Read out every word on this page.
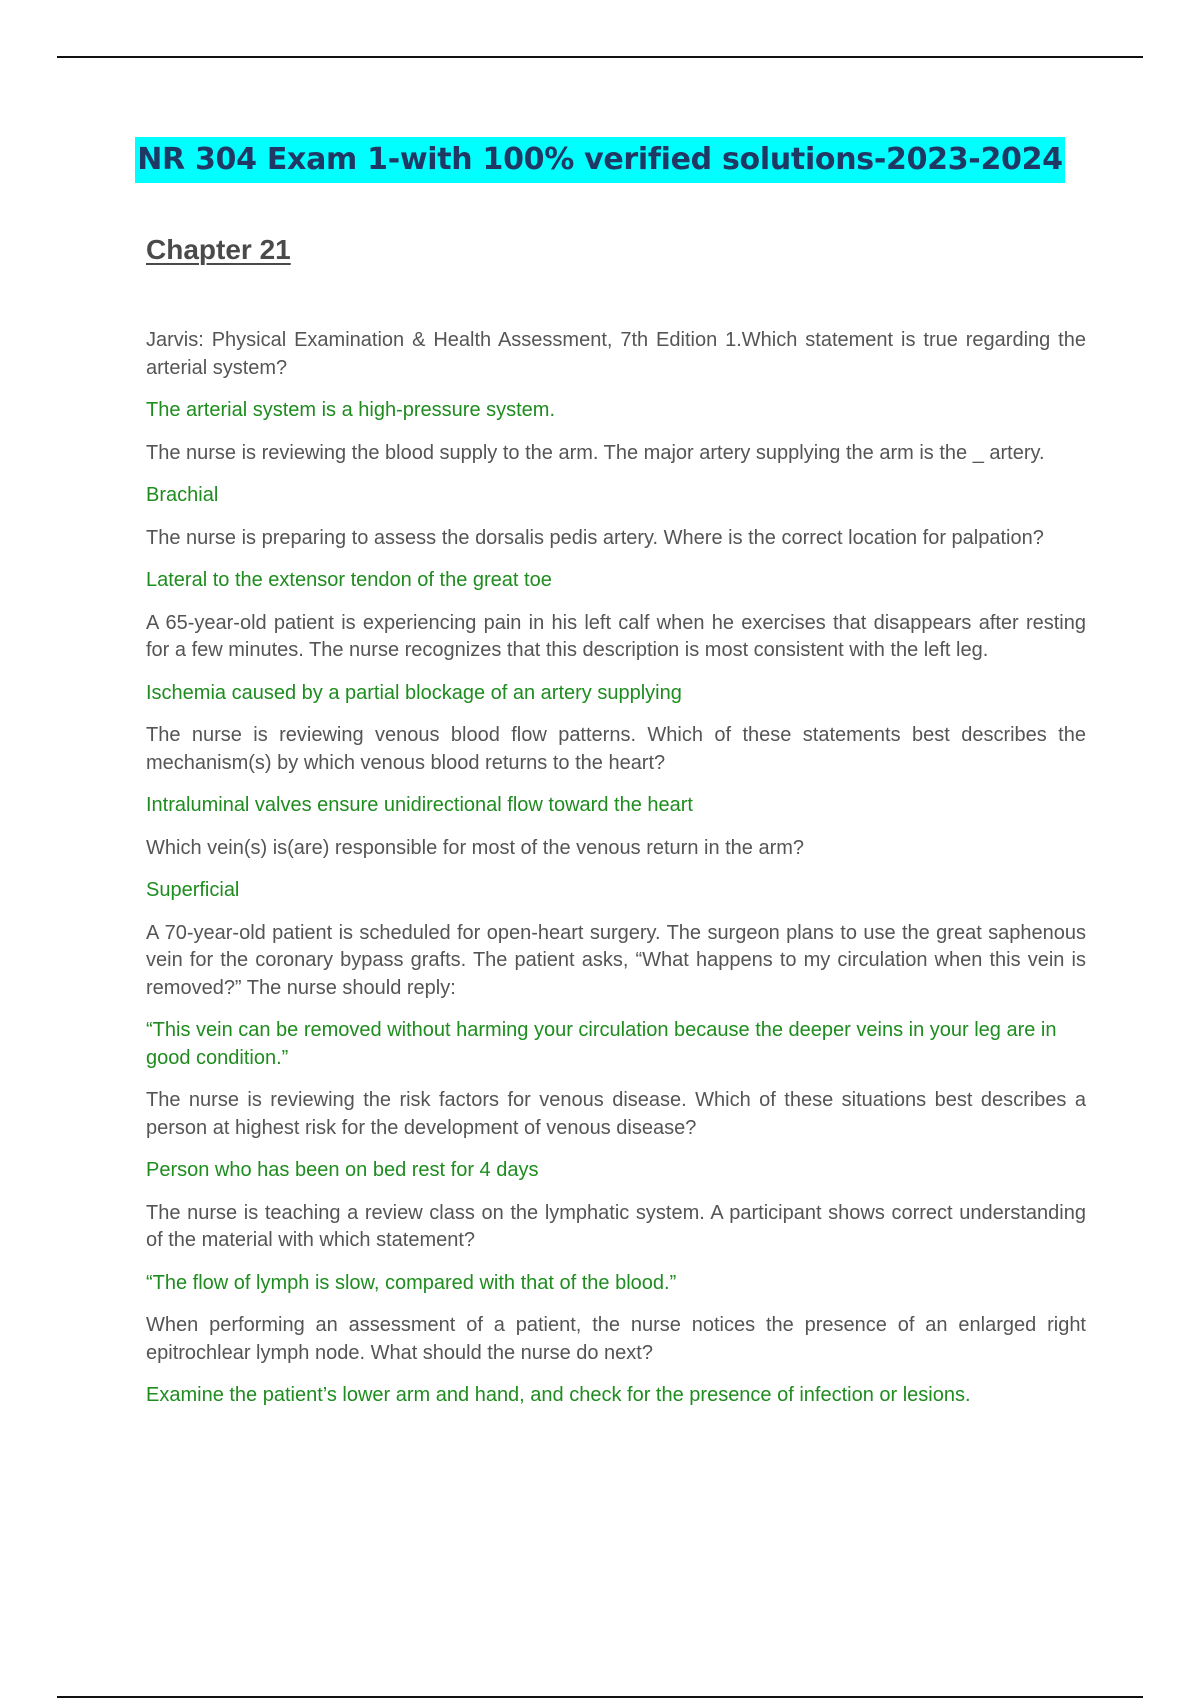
NR 304 Exam 1-with 100% verified solutions-2023-2024
Chapter 21

Jarvis: Physical Examination & Health Assessment, 7th Edition 1.Which statement is true regarding the arterial system?

The arterial system is a high-pressure system.

The nurse is reviewing the blood supply to the arm. The major artery supplying the arm is the _ artery.

Brachial

The nurse is preparing to assess the dorsalis pedis artery. Where is the correct location for palpation?

Lateral to the extensor tendon of the great toe

A 65-year-old patient is experiencing pain in his left calf when he exercises that disappears after resting for a few minutes. The nurse recognizes that this description is most consistent with the left leg.

Ischemia caused by a partial blockage of an artery supplying

The nurse is reviewing venous blood flow patterns. Which of these statements best describes the mechanism(s) by which venous blood returns to the heart?

Intraluminal valves ensure unidirectional flow toward the heart

Which vein(s) is(are) responsible for most of the venous return in the arm?

Superficial

A 70-year-old patient is scheduled for open-heart surgery. The surgeon plans to use the great saphenous vein for the coronary bypass grafts. The patient asks, “What happens to my circulation when this vein is removed?” The nurse should reply:

“This vein can be removed without harming your circulation because the deeper veins in your leg are in good condition.”

The nurse is reviewing the risk factors for venous disease. Which of these situations best describes a person at highest risk for the development of venous disease?

Person who has been on bed rest for 4 days

The nurse is teaching a review class on the lymphatic system. A participant shows correct understanding of the material with which statement?

“The flow of lymph is slow, compared with that of the blood.”

When performing an assessment of a patient, the nurse notices the presence of an enlarged right epitrochlear lymph node. What should the nurse do next?

Examine the patient’s lower arm and hand, and check for the presence of infection or lesions.
